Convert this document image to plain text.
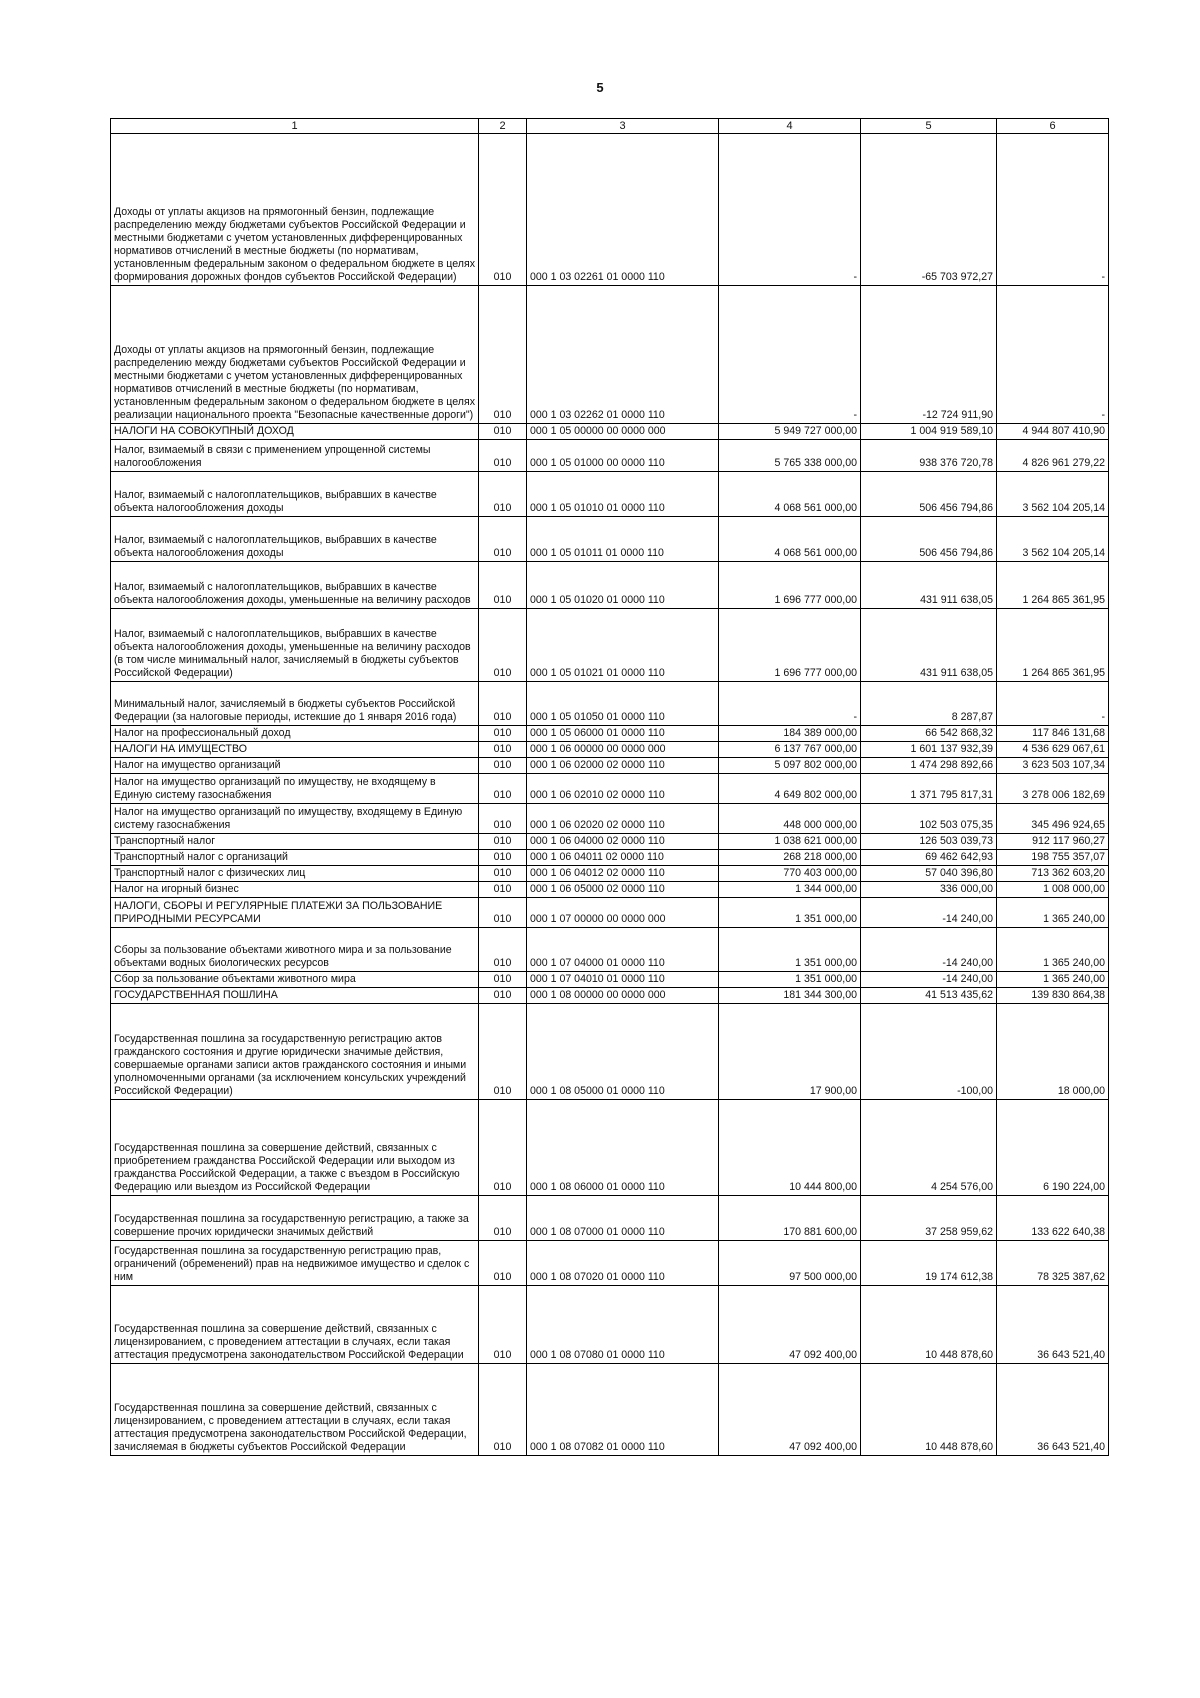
5
1	2	3	4	5	6
Доходы от уплаты акцизов на прямогонный бензин, подлежащие распределению между бюджетами субъектов Российской Федерации и местными бюджетами с учетом установленных дифференцированных нормативов отчислений в местные бюджеты (по нормативам, установленным федеральным законом о федеральном бюджете в целях формирования дорожных фондов субъектов Российской Федерации)	010	000 1 03 02261 01 0000 110	-	-65 703 972,27	-
Доходы от уплаты акцизов на прямогонный бензин, подлежащие распределению между бюджетами субъектов Российской Федерации и местными бюджетами с учетом установленных дифференцированных нормативов отчислений в местные бюджеты (по нормативам, установленным федеральным законом о федеральном бюджете в целях реализации национального проекта "Безопасные качественные дороги")	010	000 1 03 02262 01 0000 110	-	-12 724 911,90	-
НАЛОГИ НА СОВОКУПНЫЙ ДОХОД	010	000 1 05 00000 00 0000 000	5 949 727 000,00	1 004 919 589,10	4 944 807 410,90
Налог, взимаемый в связи с применением упрощенной системы налогообложения	010	000 1 05 01000 00 0000 110	5 765 338 000,00	938 376 720,78	4 826 961 279,22
Налог, взимаемый с налогоплательщиков, выбравших в качестве объекта налогообложения доходы	010	000 1 05 01010 01 0000 110	4 068 561 000,00	506 456 794,86	3 562 104 205,14
Налог, взимаемый с налогоплательщиков, выбравших в качестве объекта налогообложения доходы	010	000 1 05 01011 01 0000 110	4 068 561 000,00	506 456 794,86	3 562 104 205,14
Налог, взимаемый с налогоплательщиков, выбравших в качестве объекта налогообложения доходы, уменьшенные на величину расходов	010	000 1 05 01020 01 0000 110	1 696 777 000,00	431 911 638,05	1 264 865 361,95
Налог, взимаемый с налогоплательщиков, выбравших в качестве объекта налогообложения доходы, уменьшенные на величину расходов (в том числе минимальный налог, зачисляемый в бюджеты субъектов Российской Федерации)	010	000 1 05 01021 01 0000 110	1 696 777 000,00	431 911 638,05	1 264 865 361,95
Минимальный налог, зачисляемый в бюджеты субъектов Российской Федерации (за налоговые периоды, истекшие до 1 января 2016 года)	010	000 1 05 01050 01 0000 110	-	8 287,87	-
Налог на профессиональный доход	010	000 1 05 06000 01 0000 110	184 389 000,00	66 542 868,32	117 846 131,68
НАЛОГИ НА ИМУЩЕСТВО	010	000 1 06 00000 00 0000 000	6 137 767 000,00	1 601 137 932,39	4 536 629 067,61
Налог на имущество организаций	010	000 1 06 02000 02 0000 110	5 097 802 000,00	1 474 298 892,66	3 623 503 107,34
Налог на имущество организаций по имуществу, не входящему в Единую систему газоснабжения	010	000 1 06 02010 02 0000 110	4 649 802 000,00	1 371 795 817,31	3 278 006 182,69
Налог на имущество организаций по имуществу, входящему в Единую систему газоснабжения	010	000 1 06 02020 02 0000 110	448 000 000,00	102 503 075,35	345 496 924,65
Транспортный налог	010	000 1 06 04000 02 0000 110	1 038 621 000,00	126 503 039,73	912 117 960,27
Транспортный налог с организаций	010	000 1 06 04011 02 0000 110	268 218 000,00	69 462 642,93	198 755 357,07
Транспортный налог с физических лиц	010	000 1 06 04012 02 0000 110	770 403 000,00	57 040 396,80	713 362 603,20
Налог на игорный бизнес	010	000 1 06 05000 02 0000 110	1 344 000,00	336 000,00	1 008 000,00
НАЛОГИ, СБОРЫ И РЕГУЛЯРНЫЕ ПЛАТЕЖИ ЗА ПОЛЬЗОВАНИЕ ПРИРОДНЫМИ РЕСУРСАМИ	010	000 1 07 00000 00 0000 000	1 351 000,00	-14 240,00	1 365 240,00
Сборы за пользование объектами животного мира и за пользование объектами водных биологических ресурсов	010	000 1 07 04000 01 0000 110	1 351 000,00	-14 240,00	1 365 240,00
Сбор за пользование объектами животного мира	010	000 1 07 04010 01 0000 110	1 351 000,00	-14 240,00	1 365 240,00
ГОСУДАРСТВЕННАЯ ПОШЛИНА	010	000 1 08 00000 00 0000 000	181 344 300,00	41 513 435,62	139 830 864,38
Государственная пошлина за государственную регистрацию актов гражданского состояния и другие юридически значимые действия, совершаемые органами записи актов гражданского состояния и иными уполномоченными органами (за исключением консульских учреждений Российской Федерации)	010	000 1 08 05000 01 0000 110	17 900,00	-100,00	18 000,00
Государственная пошлина за совершение действий, связанных с приобретением гражданства Российской Федерации или выходом из гражданства Российской Федерации, а также с въездом в Российскую Федерацию или выездом из Российской Федерации	010	000 1 08 06000 01 0000 110	10 444 800,00	4 254 576,00	6 190 224,00
Государственная пошлина за государственную регистрацию, а также за совершение прочих юридически значимых действий	010	000 1 08 07000 01 0000 110	170 881 600,00	37 258 959,62	133 622 640,38
Государственная пошлина за государственную регистрацию прав, ограничений (обременений) прав на недвижимое имущество и сделок с ним	010	000 1 08 07020 01 0000 110	97 500 000,00	19 174 612,38	78 325 387,62
Государственная пошлина за совершение действий, связанных с лицензированием, с проведением аттестации в случаях, если такая аттестация предусмотрена законодательством Российской Федерации	010	000 1 08 07080 01 0000 110	47 092 400,00	10 448 878,60	36 643 521,40
Государственная пошлина за совершение действий, связанных с лицензированием, с проведением аттестации в случаях, если такая аттестация предусмотрена законодательством Российской Федерации, зачисляемая в бюджеты субъектов Российской Федерации	010	000 1 08 07082 01 0000 110	47 092 400,00	10 448 878,60	36 643 521,40
